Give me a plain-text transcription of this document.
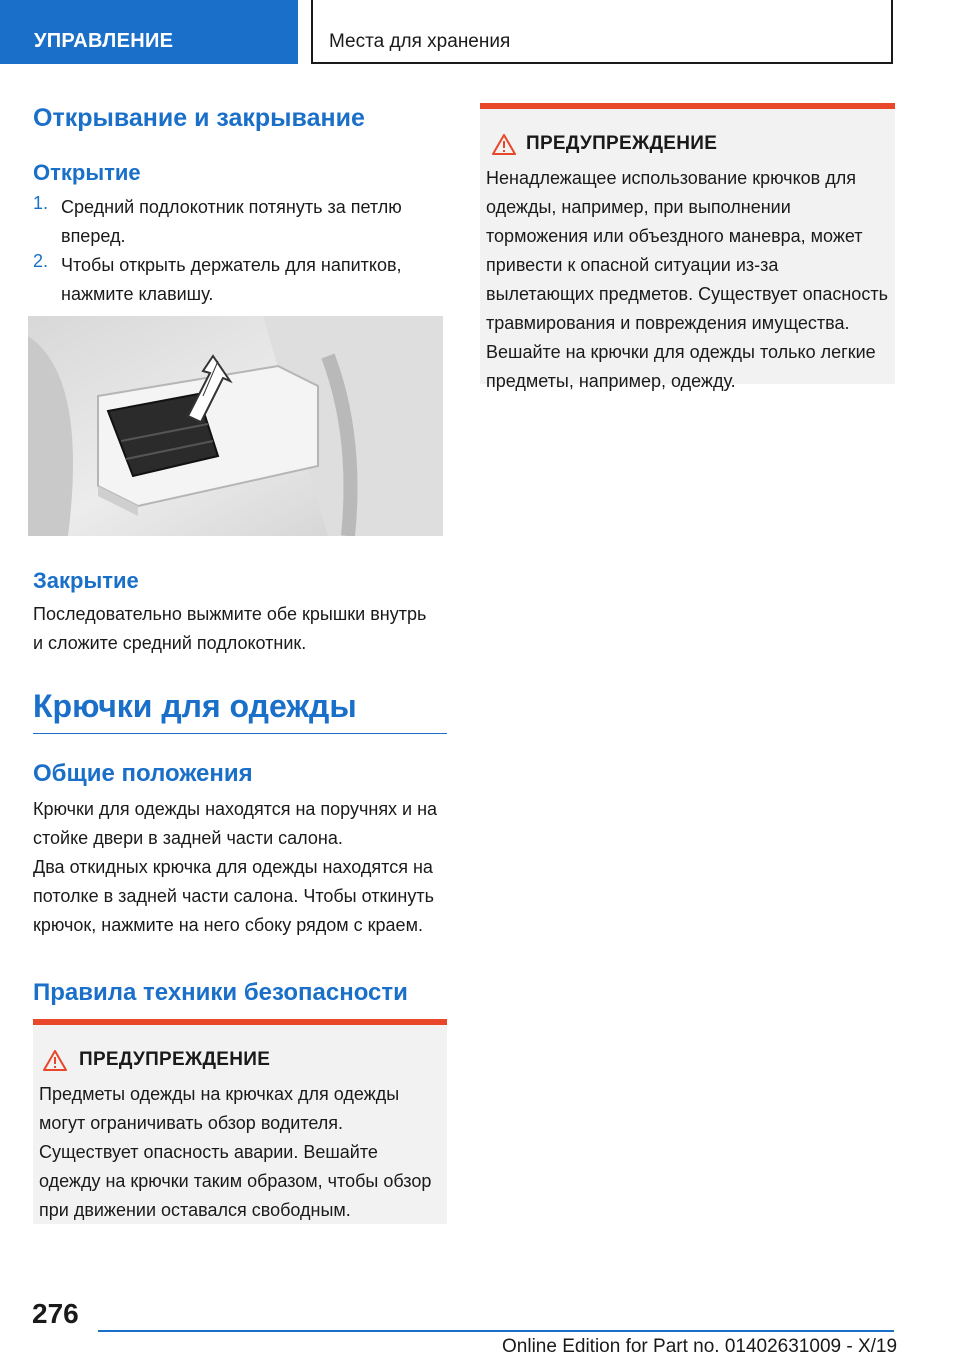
УПРАВЛЕНИЕ	Места для хранения
Открывание и закрывание
Открытие
1. Средний подлокотник потянуть за петлю вперед.
2. Чтобы открыть держатель для напитков, нажмите клавишу.
Закрытие
Последовательно выжмите обе крышки внутрь и сложите средний подлокотник.
Крючки для одежды
Общие положения
Крючки для одежды находятся на поручнях и на стойке двери в задней части салона.
Два откидных крючка для одежды находятся на потолке в задней части салона. Чтобы откинуть крючок, нажмите на него сбоку рядом с краем.
Правила техники безопасности
ПРЕДУПРЕЖДЕНИЕ
Предметы одежды на крючках для одежды могут ограничивать обзор водителя. Существует опасность аварии. Вешайте одежду на крючки таким образом, чтобы обзор при движении оставался свободным.
ПРЕДУПРЕЖДЕНИЕ
Ненадлежащее использование крючков для одежды, например, при выполнении торможения или объездного маневра, может привести к опасной ситуации из-за вылетающих предметов. Существует опасность травмирования и повреждения имущества. Вешайте на крючки для одежды только легкие предметы, например, одежду.
276
Online Edition for Part no. 01402631009 - X/19
